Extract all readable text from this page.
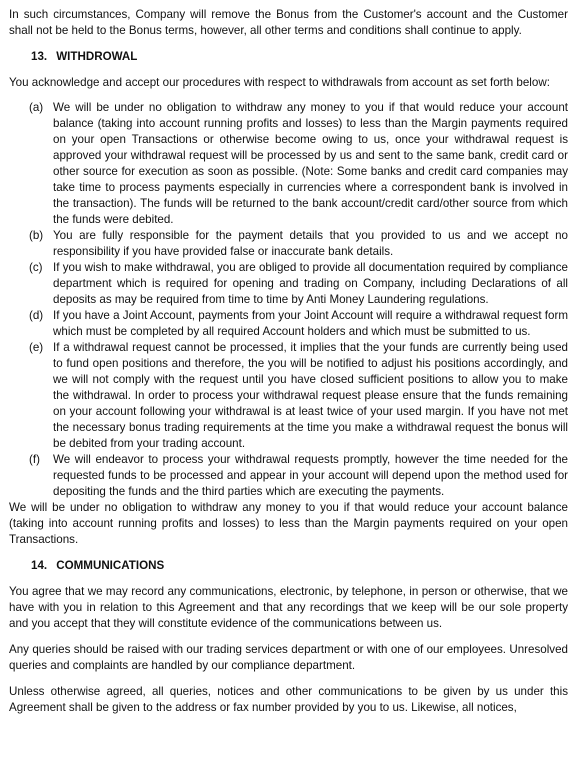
In such circumstances, Company will remove the Bonus from the Customer's account and the Customer shall not be held to the Bonus terms, however, all other terms and conditions shall continue to apply.

13. WITHDROWAL

You acknowledge and accept our procedures with respect to withdrawals from account as set forth below:

(a) We will be under no obligation to withdraw any money to you if that would reduce your account balance (taking into account running profits and losses) to less than the Margin payments required on your open Transactions or otherwise become owing to us, once your withdrawal request is approved your withdrawal request will be processed by us and sent to the same bank, credit card or other source for execution as soon as possible. (Note: Some banks and credit card companies may take time to process payments especially in currencies where a correspondent bank is involved in the transaction). The funds will be returned to the bank account/credit card/other source from which the funds were debited.
(b) You are fully responsible for the payment details that you provided to us and we accept no responsibility if you have provided false or inaccurate bank details.
(c) If you wish to make withdrawal, you are obliged to provide all documentation required by compliance department which is required for opening and trading on Company, including Declarations of all deposits as may be required from time to time by Anti Money Laundering regulations.
(d) If you have a Joint Account, payments from your Joint Account will require a withdrawal request form which must be completed by all required Account holders and which must be submitted to us.
(e) If a withdrawal request cannot be processed, it implies that the your funds are currently being used to fund open positions and therefore, the you will be notified to adjust his positions accordingly, and we will not comply with the request until you have closed sufficient positions to allow you to make the withdrawal. In order to process your withdrawal request please ensure that the funds remaining on your account following your withdrawal is at least twice of your used margin. If you have not met the necessary bonus trading requirements at the time you make a withdrawal request the bonus will be debited from your trading account.
(f) We will endeavor to process your withdrawal requests promptly, however the time needed for the requested funds to be processed and appear in your account will depend upon the method used for depositing the funds and the third parties which are executing the payments.

We will be under no obligation to withdraw any money to you if that would reduce your account balance (taking into account running profits and losses) to less than the Margin payments required on your open Transactions.

14. COMMUNICATIONS

You agree that we may record any communications, electronic, by telephone, in person or otherwise, that we have with you in relation to this Agreement and that any recordings that we keep will be our sole property and you accept that they will constitute evidence of the communications between us.

Any queries should be raised with our trading services department or with one of our employees. Unresolved queries and complaints are handled by our compliance department.

Unless otherwise agreed, all queries, notices and other communications to be given by us under this Agreement shall be given to the address or fax number provided by you to us. Likewise, all notices,
